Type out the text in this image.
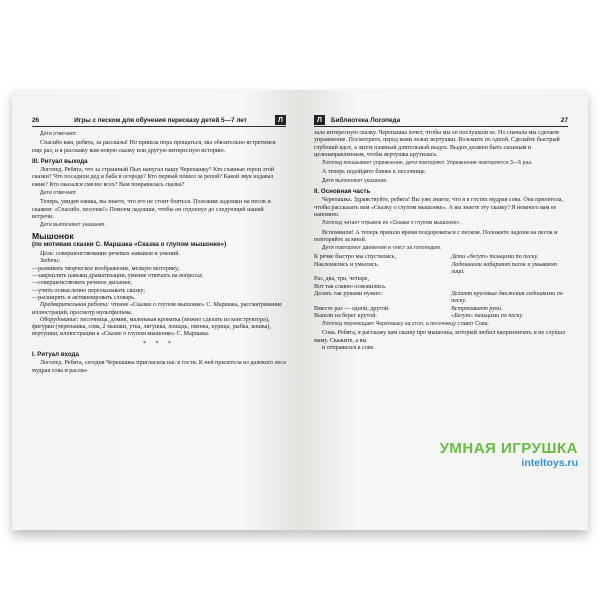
26	Игры с песком для обучения пересказу детей 5—7 лет	Л

Дети отвечают.

Спасибо вам, ребята, за рассказы! Но пришла пора прощаться, мы обязательно встретимся еще раз, и я расскажу вам новую сказку или другую интересную историю.

III. Ритуал выхода

Логопед. Ребята, что за страшный Пых напугал нашу Черепашку? Кто главные герои этой сказки? Что посадили дед и баба в огороде? Кто первый пошел за репой? Какой звук издавал ежик? Кто оказался смелее всех? Вам понравилась сказка?

Дети отвечают.

Теперь, увидев ежика, вы знаете, что его не стоит бояться. Положим ладошки на песок и скажем: «Спасибо, песочек!» Помоем ладошки, чтобы он отдохнул до следующей нашей встречи.

Дети выполняют указания.

Мышонок

(по мотивам сказки С. Маршака «Сказка о глупом мышонке»)

Цель: совершенствование речевых навыков и умений.

Задачи:

—развивать творческое воображение, мелкую моторику;

—закреплять навыки драматизации, умение отвечать на вопросы;

—совершенствовать речевое дыхание;

—учить осмысленно пересказывать сказку;

—расширять и активизировать словарь.

Предварительная работа: чтение «Сказки о глупом мышонке» С. Маршака, рассматривание иллюстраций, просмотр мультфильма.

Оборудование: песочница, домик, маленькая кроватка (можно сделать из конструктора), фигурки (черепашка, сова, 2 мышки, утка, лягушка, лошадь, свинка, курица, рыбка, кошка), вертушки, иллюстрации к «Сказке о глупом мышонке» С. Маршака.

* * *

I. Ритуал входа

Логопед. Ребята, сегодня Черепашка пригласила нас в гости. К ней прилетела из далекого леса мудрая сова и расска-

Л	Библиотека Логопеда	27

зала интересную сказку. Черепашка хочет, чтобы мы ее послушали ее. Но сначала мы сделаем упражнение. Посмотрите, перед вами лежат вертушки. Возьмите по одной. Сделайте быстрый глубокий вдох, а затем плавный длительный выдох. Выдох должен быть сильным и целенаправленным, чтобы вертушка крутилась.

Логопед показывает упражнение, дети повторяют. Упражнение повторяется 3—5 раз.

А теперь подойдите ближе к песочнице.

Дети выполняют указание.

II. Основная часть

Черепашка. Здравствуйте, ребята! Вы уже знаете, что я в гостях мудрая сова. Она прилетела, чтобы рассказать вам «Сказку о глупом мышонке». А вы знаете эту сказку? Я немного вам ее напомню.

Логопед читает отрывок из «Сказки о глупом мышонке».

Вспомнили! А теперь пришло время поздороваться с песком. Положите ладони на песок и повторяйте за мной.

Дети повторяют движения и текст за логопедом.

К речке быстро мы спустились,	Дети «бегут» пальцами по песку.
Наклонились и умылись.	Ладошками набирают песок и умывают лицо.
Раз, два, три, четыре,
Вот так славно освежились.
Делать так руками нужно:	Делают круговые движения ладошками по песку.
Вместе раз — одной, другой.	Встряхивают руки.
Вышли на берег крутой.	«Бегут» пальцами по песку.

Логопед перемещает Черепашку на стол, а песочницу ставит Сова.

Сова. Ребята, я расскажу вам сказку про мышонка, который любил капризничать и не слушал маму. Скажите, а вы

и отправился к сове.

УМНАЯ ИГРУШКА
inteltoys.ru
